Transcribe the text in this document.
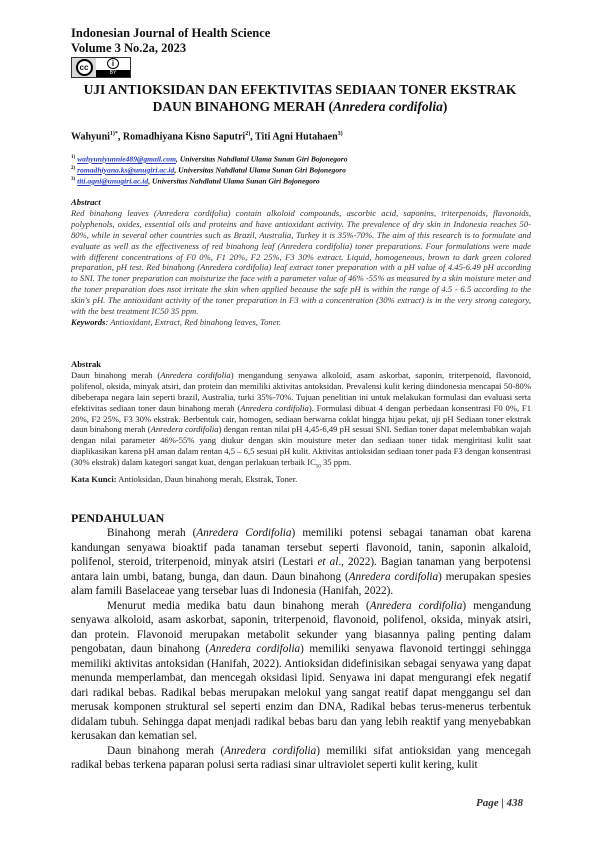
Indonesian Journal of Health Science
Volume 3 No.2a, 2023
cc	i
BY
UJI ANTIOKSIDAN DAN EFEKTIVITAS SEDIAAN TONER EKSTRAK
DAUN BINAHONG MERAH (Anredera cordifolia)
Wahyuni$^{1)*}$, Romadhiyana Kisno Saputri$^{2)}$, Titi Agni Hutahaen$^{3)}$
$^{1)}$ wahyuniyunnie489@gmail.com, Universitas Nahdlatul Ulama Sunan Giri Bojonegoro
$^{2)}$ romadhiyana.ks@unugiri.ac.id, Universitas Nahdlatul Ulama Sunan Giri Bojonegoro
$^{3)}$ titi.agni@unugiri.ac.id, Universitas Nahdlatul Ulama Sunan Giri Bojonegoro
Abstract
Red binahong leaves (Anredera cordifolia) contain alkoloid compounds, ascorbic acid, saponins, triterpenoids, flavonoids, polyphenols, oxides, essential oils and proteins and have antioxidant activity. The prevalence of dry skin in Indonesia reaches 50-80%, while in several other countries such as Brazil, Australia, Turkey it is 35%-70%. The aim of this research is to formulate and evaluate as well as the effectiveness of red binahong leaf (Anredera cordifolia) toner preparations. Four formulations were made with different concentrations of F0 0%, F1 20%, F2 25%, F3 30% extract. Liquid, homogeneous, brown to dark green colored preparation, pH test. Red binahong (Anredera cordifolia) leaf extract toner preparation with a pH value of 4.45-6.49 pH according to SNI. The toner preparation can moisturize the face with a parameter value of 46% -55% as measured by a skin moisture meter and the toner preparation does nsot irritate the skin when applied because the safe pH is within the range of 4.5 - 6.5 according to the skin's pH. The antioxidant activity of the toner preparation in F3 with a concentration (30% extract) is in the very strong category, with the best treatment IC50 35 ppm.
Keywords: Antioxidant, Extract, Red binahong leaves, Toner.
Abstrak
Daun binahong merah (Anredera cordifolia) mengandung senyawa alkoloid, asam askorbat, saponin, triterpenoid, flavonoid, polifenol, oksida, minyak atsiri, dan protein dan memiliki aktivitas antoksidan. Prevalensi kulit kering diindonesia mencapai 50-80% dibeberapa negara lain seperti brazil, Australia, turki 35%-70%. Tujuan penelitian ini untuk melakukan formulasi dan evaluasi serta efektivitas sediaan toner daun binahong merah (Anredera cordifolia). Formulasi dibuat 4 dengan perbedaan konsentrasi F0 0%, F1 20%, F2 25%, F3 30% ekstrak. Berbentuk cair, homogen, sediaan berwarna coklat hingga hijau pekat, uji pH Sediaan toner ekstrak daun binahong merah (Anredera cordifolia) dengan rentan nilai pH 4,45-6,49 pH sesuai SNI. Sedian toner dapat melembabkan wajah dengan nilai parameter 46%-55% yang diukur dengan skin mouisture meter dan sediaan toner tidak mengiritasi kulit saat diaplikasikan karena pH aman dalam rentan 4,5 – 6,5 sesuai pH kulit. Aktivitas antioksidan sediaan toner pada F3 dengan konsentrasi (30% ekstrak) dalam kategori sangat kuat, dengan perlakuan terbaik $IC_{50}$ 35 ppm.
Kata Kunci: Antioksidan, Daun binahong merah, Ekstrak, Toner.
PENDAHULUAN

Binahong merah (Anredera Cordifolia) memiliki potensi sebagai tanaman obat karena kandungan senyawa bioaktif pada tanaman tersebut seperti flavonoid, tanin, saponin alkaloid, polifenol, steroid, triterpenoid, minyak atsiri (Lestari et al., 2022). Bagian tanaman yang berpotensi antara lain umbi, batang, bunga, dan daun. Daun binahong (Anredera cordifolia) merupakan spesies alam famili Baselaceae yang tersebar luas di Indonesia (Hanifah, 2022).

Menurut media medika batu daun binahong merah (Anredera cordifolia) mengandung senyawa alkoloid, asam askorbat, saponin, triterpenoid, flavonoid, polifenol, oksida, minyak atsiri, dan protein. Flavonoid merupakan metabolit sekunder yang biasannya paling penting dalam pengobatan, daun binahong (Anredera cordifolia) memiliki senyawa flavonoid tertinggi sehingga memiliki aktivitas antoksidan (Hanifah, 2022). Antioksidan didefinisikan sebagai senyawa yang dapat menunda memperlambat, dan mencegah oksidasi lipid. Senyawa ini dapat mengurangi efek negatif dari radikal bebas. Radikal bebas merupakan melokul yang sangat reatif dapat menggangu sel dan merusak komponen struktural sel seperti enzim dan DNA, Radikal bebas terus-menerus terbentuk didalam tubuh. Sehingga dapat menjadi radikal bebas baru dan yang lebih reaktif yang menyebabkan kerusakan dan kematian sel.

Daun binahong merah (Anredera cordifolia) memiliki sifat antioksidan yang mencegah radikal bebas terkena paparan polusi serta radiasi sinar ultraviolet seperti kulit kering, kulit

Page | 438
